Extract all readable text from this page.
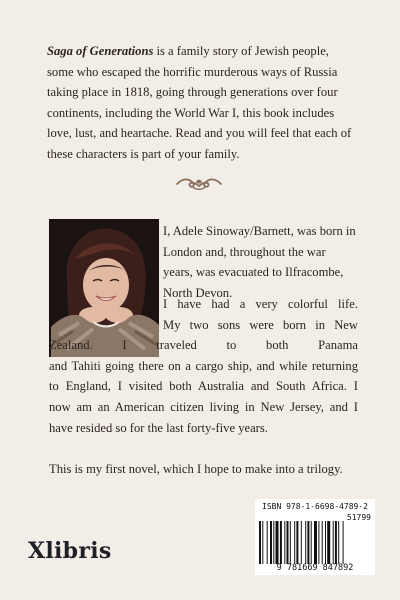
Saga of Generations is a family story of Jewish people, some who escaped the horrific murderous ways of Russia taking place in 1818, going through generations over four continents, including the World War I, this book includes love, lust, and heartache. Read and you will feel that each of these characters is part of your family.

I, Adele Sinoway/Barnett, was born in London and, throughout the war years, was evacuated to Ilfracombe, North Devon.

I have had a very colorful life.
My two sons were born in New
Zealand. I traveled to both Panama
and Tahiti going there on a cargo ship, and while returning
to England, I visited both Australia and South Africa. I
now am an American citizen living in New Jersey, and I
have resided so for the last forty-five years.

This is my first novel, which I hope to make into a trilogy.

Xlibris
ISBN 978-1-6698-4789-2
51799
9 781669 847892
